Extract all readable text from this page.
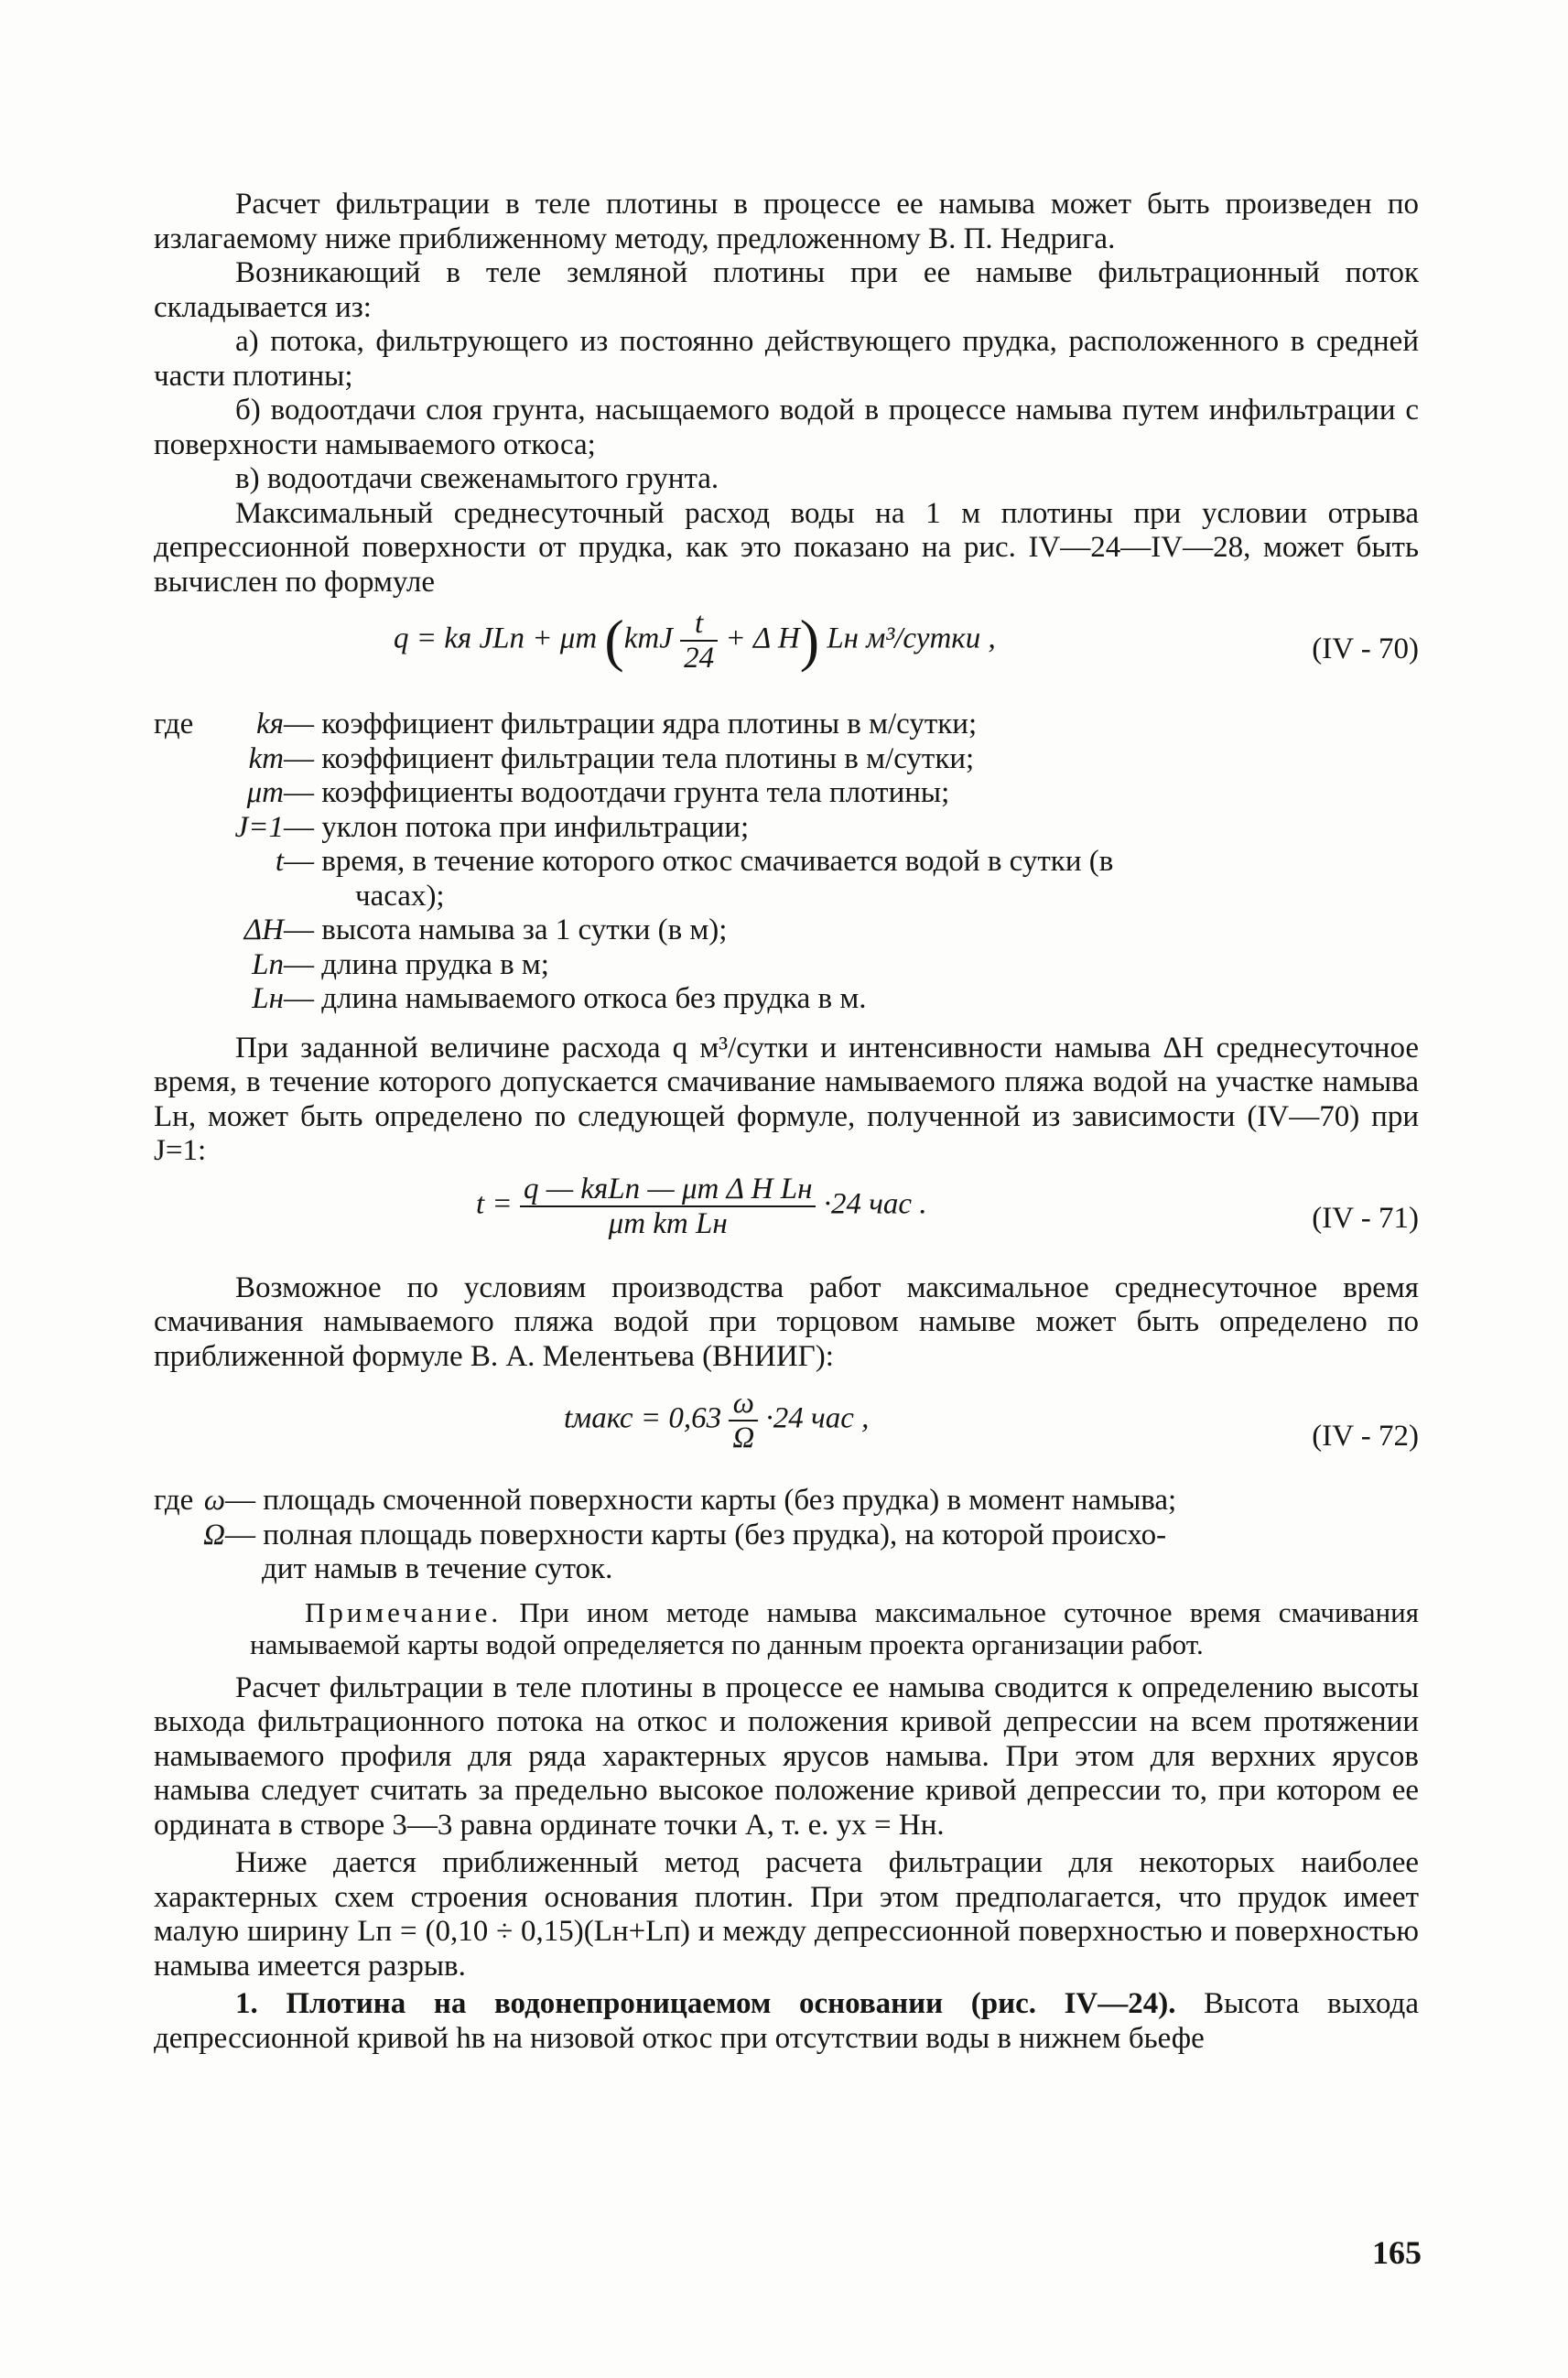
Расчет фильтрации в теле плотины в процессе ее намыва может быть произведен по излагаемому ниже приближенному методу, предложенному В. П. Недрига.

Возникающий в теле земляной плотины при ее намыве фильтрационный поток складывается из:

а) потока, фильтрующего из постоянно действующего прудка, расположенного в средней части плотины;

б) водоотдачи слоя грунта, насыщаемого водой в процессе намыва путем инфильтрации с поверхности намываемого откоса;

в) водоотдачи свеженамытого грунта.

Максимальный среднесуточный расход воды на 1 м плотины при условии отрыва депрессионной поверхности от прудка, как это показано на рис. IV—24—IV—28, может быть вычислен по формуле

q = kя JLп + μт ($kтJ \frac{t}{24} + \Delta$ H) Lн м³/сутки ,	(IV - 70)
где kя— коэффициент фильтрации ядра плотины в м/сутки;
kт— коэффициент фильтрации тела плотины в м/сутки;
μт— коэффициенты водоотдачи грунта тела плотины;
J=1— уклон потока при инфильтрации;
t— время, в течение которого откос смачивается водой в сутки (в
часах);
ΔH— высота намыва за 1 сутки (в м);
Lп— длина прудка в м;
Lн— длина намываемого откоса без прудка в м.

При заданной величине расхода q м³/сутки и интенсивности намыва ΔH среднесуточное время, в течение которого допускается смачивание намываемого пляжа водой на участке намыва Lн, может быть определено по следующей формуле, полученной из зависимости (IV—70) при J=1:

$t = \frac{\text{q — kяLп — μт Δ H Lн}}{\text{μт kт Lн}} \cdot 24$ час .	(IV - 71)

Возможное по условиям производства работ максимальное среднесуточное время смачивания намываемого пляжа водой при торцовом намыве может быть определено по приближенной формуле В. А. Мелентьева (ВНИИГ):

tмакс = $0,63 \frac{\omega}{\Omega} \cdot 24$ час ,
(IV - 72)
где ω— площадь смоченной поверхности карты (без прудка) в момент намыва;
Ω— полная площадь поверхности карты (без прудка), на которой происхо-
дит намыв в течение суток.

Примечание. При ином методе намыва максимальное суточное время смачивания намываемой карты водой определяется по данным проекта организации работ.

Расчет фильтрации в теле плотины в процессе ее намыва сводится к определению высоты выхода фильтрационного потока на откос и положения кривой депрессии на всем протяжении намываемого профиля для ряда характерных ярусов намыва. При этом для верхних ярусов намыва следует считать за предельно высокое положение кривой депрессии то, при котором ее ордината в створе 3—3 равна ординате точки A, т. е. yx = Hн.

Ниже дается приближенный метод расчета фильтрации для некоторых наиболее характерных схем строения основания плотин. При этом предполагается, что прудок имеет малую ширину Lп = (0,10 ÷ 0,15)(Lн+Lп) и между депрессионной поверхностью и поверхностью намыва имеется разрыв.

1. Плотина на водонепроницаемом основании (рис. IV—24). Высота выхода депрессионной кривой hв на низовой откос при отсутствии воды в нижнем бьефе

165
